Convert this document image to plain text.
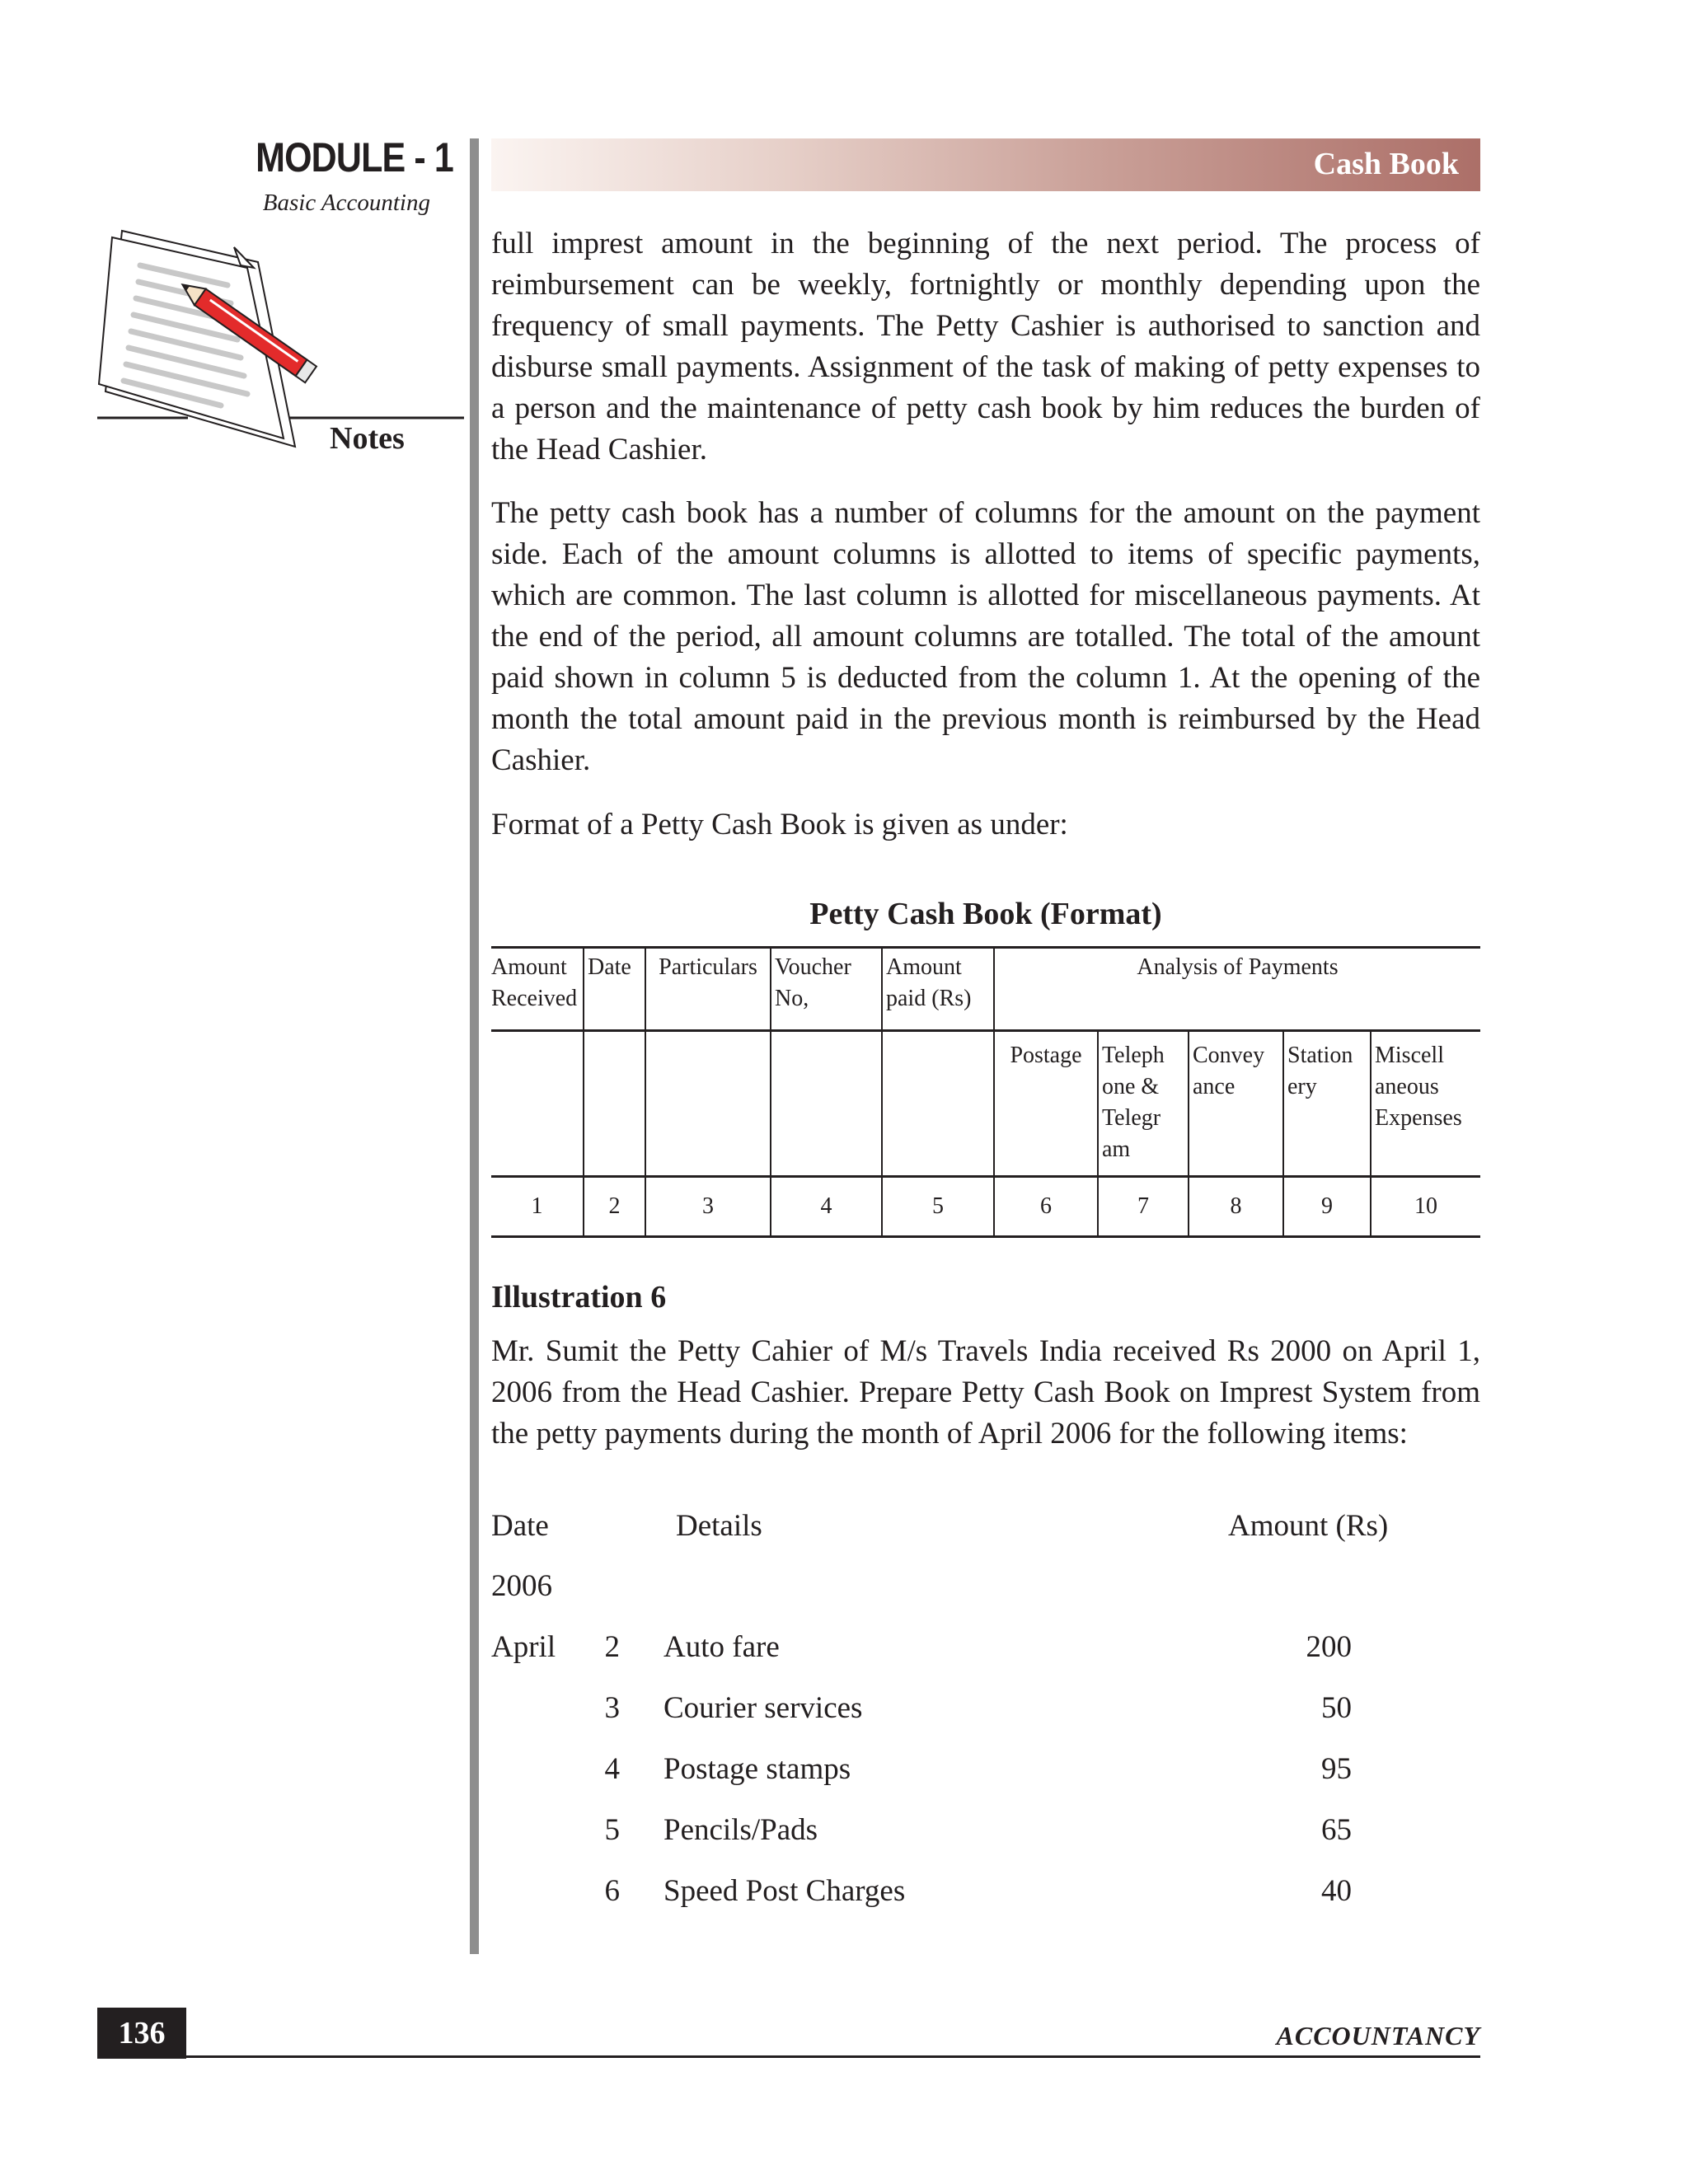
MODULE - 1
Basic Accounting
Notes
Cash Book

full imprest amount in the beginning of the next period. The process of reimbursement can be weekly, fortnightly or monthly depending upon the frequency of small payments. The Petty Cashier is authorised to sanction and disburse small payments. Assignment of the task of making of petty expenses to a person and the maintenance of petty cash book by him reduces the burden of the Head Cashier.

The petty cash book has a number of columns for the amount on the payment side. Each of the amount columns is allotted to items of specific payments, which are common. The last column is allotted for miscellaneous payments. At the end of the period, all amount columns are totalled. The total of the amount paid shown in column 5 is deducted from the column 1. At the opening of the month the total amount paid in the previous month is reimbursed by the Head Cashier.

Format of a Petty Cash Book is given as under:

Petty Cash Book (Format)
Amount Received	Date	Particulars	Voucher No,	Amount paid (Rs)	Analysis of Payments				
					Postage	Teleph one & Telegr am	Convey ance	Station ery	Miscell aneous Expenses
1	2	3	4	5	6	7	8	9	10
Illustration 6

Mr. Sumit the Petty Cahier of M/s Travels India received Rs 2000 on April 1, 2006 from the Head Cashier. Prepare Petty Cash Book on Imprest System from the petty payments during the month of April 2006 for the following items:

Date	Details	Amount (Rs)
2006
April	2 Auto fare	200
3 Courier services	50
4 Postage stamps	95
5 Pencils/Pads	65
6 Speed Post Charges	40
136	ACCOUNTANCY
